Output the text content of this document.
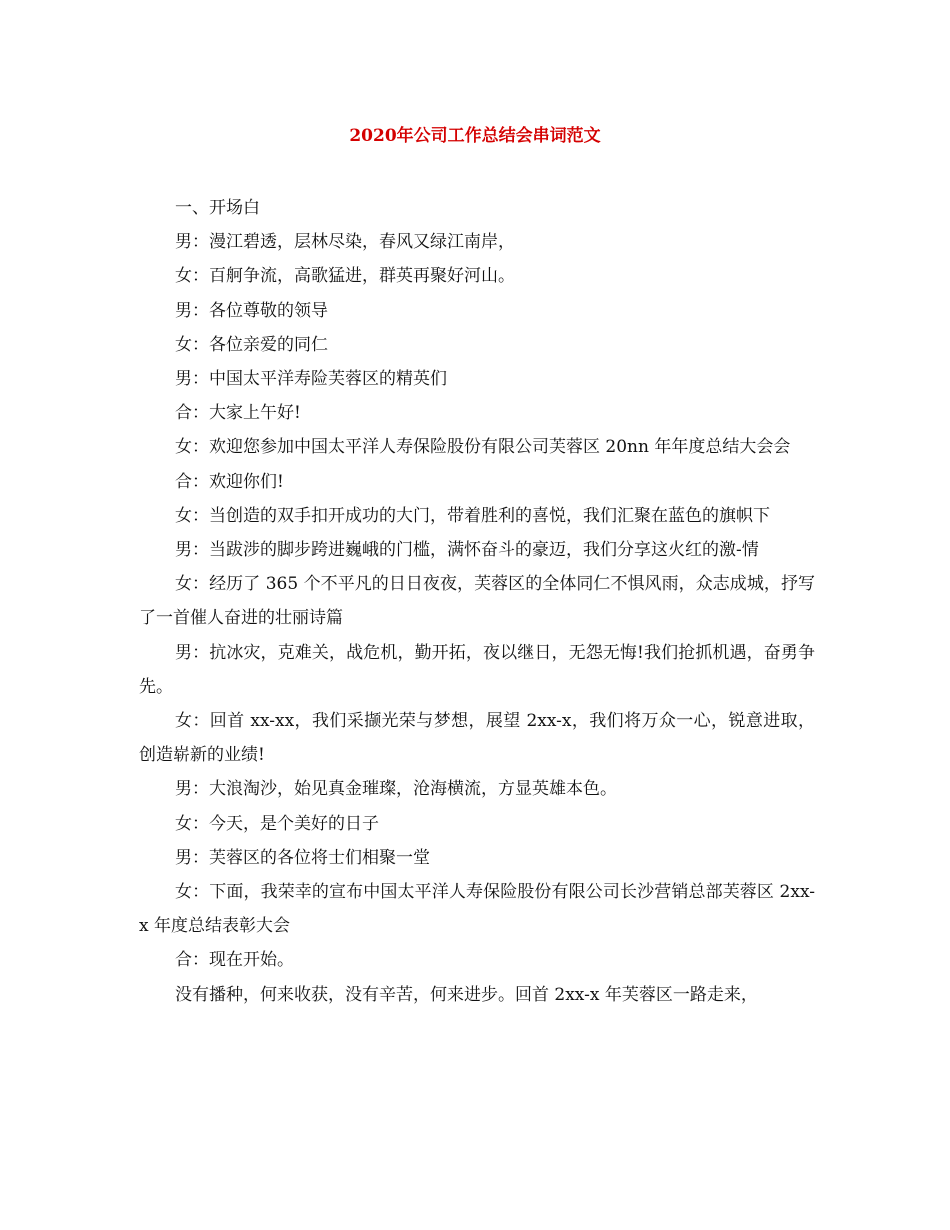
2020年公司工作总结会串词范文

一、开场白

男：漫江碧透，层林尽染，春风又绿江南岸，

女：百舸争流，高歌猛进，群英再聚好河山。

男：各位尊敬的领导

女：各位亲爱的同仁

男：中国太平洋寿险芙蓉区的精英们

合：大家上午好!

女：欢迎您参加中国太平洋人寿保险股份有限公司芙蓉区 20nn 年年度总结大会会

合：欢迎你们!

女：当创造的双手扣开成功的大门，带着胜利的喜悦，我们汇聚在蓝色的旗帜下

男：当跋涉的脚步跨进巍峨的门槛，满怀奋斗的豪迈，我们分享这火红的激-情

女：经历了 365 个不平凡的日日夜夜，芙蓉区的全体同仁不惧风雨，众志成城，抒写了一首催人奋进的壮丽诗篇

男：抗冰灾，克难关，战危机，勤开拓，夜以继日，无怨无悔!我们抢抓机遇，奋勇争先。

女：回首 xx-xx，我们采撷光荣与梦想，展望 2xx-x，我们将万众一心，锐意进取，创造崭新的业绩!

男：大浪淘沙，始见真金璀璨，沧海横流，方显英雄本色。

女：今天，是个美好的日子

男：芙蓉区的各位将士们相聚一堂

女：下面，我荣幸的宣布中国太平洋人寿保险股份有限公司长沙营销总部芙蓉区 2xx-x 年度总结表彰大会

合：现在开始。

没有播种，何来收获，没有辛苦，何来进步。回首 2xx-x 年芙蓉区一路走来，
